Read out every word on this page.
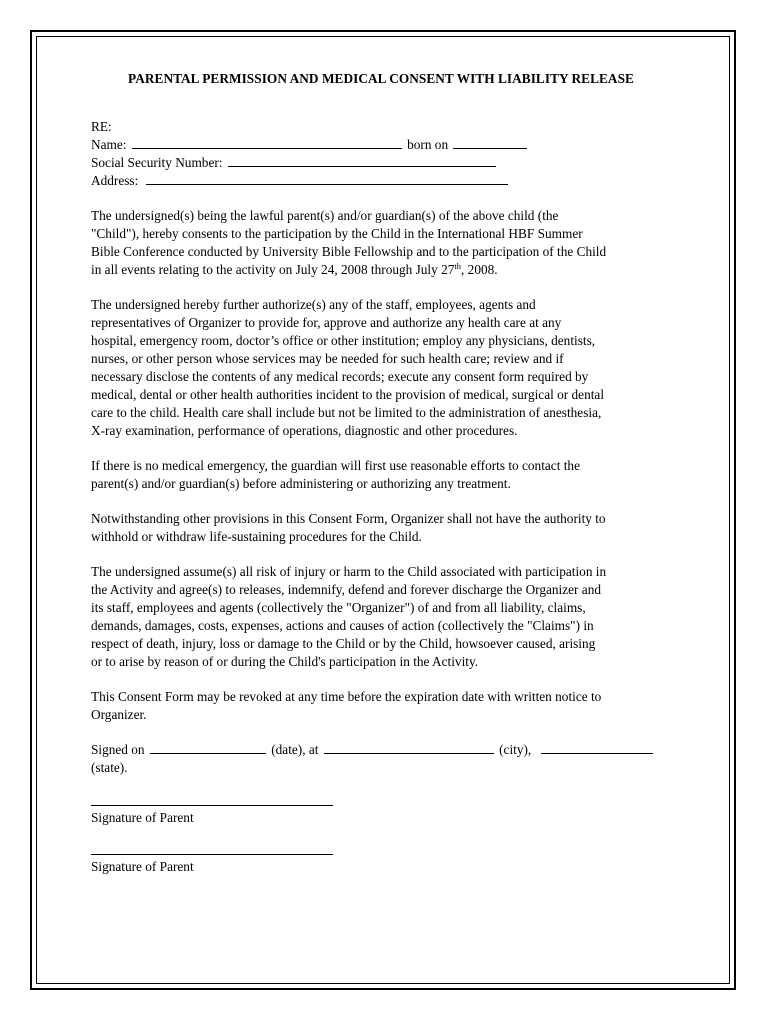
PARENTAL PERMISSION AND MEDICAL CONSENT WITH LIABILITY RELEASE
RE:
Name:	born on
Social Security Number:
Address:

The undersigned(s) being the lawful parent(s) and/or guardian(s) of the above child (the
"Child"), hereby consents to the participation by the Child in the International HBF Summer
Bible Conference conducted by University Bible Fellowship and to the participation of the Child
in all events relating to the activity on July 24, 2008 through July 27th, 2008.

The undersigned hereby further authorize(s) any of the staff, employees, agents and
representatives of Organizer to provide for, approve and authorize any health care at any
hospital, emergency room, doctor’s office or other institution; employ any physicians, dentists,
nurses, or other person whose services may be needed for such health care; review and if
necessary disclose the contents of any medical records; execute any consent form required by
medical, dental or other health authorities incident to the provision of medical, surgical or dental
care to the child. Health care shall include but not be limited to the administration of anesthesia,
X-ray examination, performance of operations, diagnostic and other procedures.

If there is no medical emergency, the guardian will first use reasonable efforts to contact the
parent(s) and/or guardian(s) before administering or authorizing any treatment.

Notwithstanding other provisions in this Consent Form, Organizer shall not have the authority to
withhold or withdraw life-sustaining procedures for the Child.

The undersigned assume(s) all risk of injury or harm to the Child associated with participation in
the Activity and agree(s) to releases, indemnify, defend and forever discharge the Organizer and
its staff, employees and agents (collectively the "Organizer") of and from all liability, claims,
demands, damages, costs, expenses, actions and causes of action (collectively the "Claims") in
respect of death, injury, loss or damage to the Child or by the Child, howsoever caused, arising
or to arise by reason of or during the Child's participation in the Activity.

This Consent Form may be revoked at any time before the expiration date with written notice to
Organizer.

Signed on	(date), at	(city),
(state).
Signature of Parent
Signature of Parent
